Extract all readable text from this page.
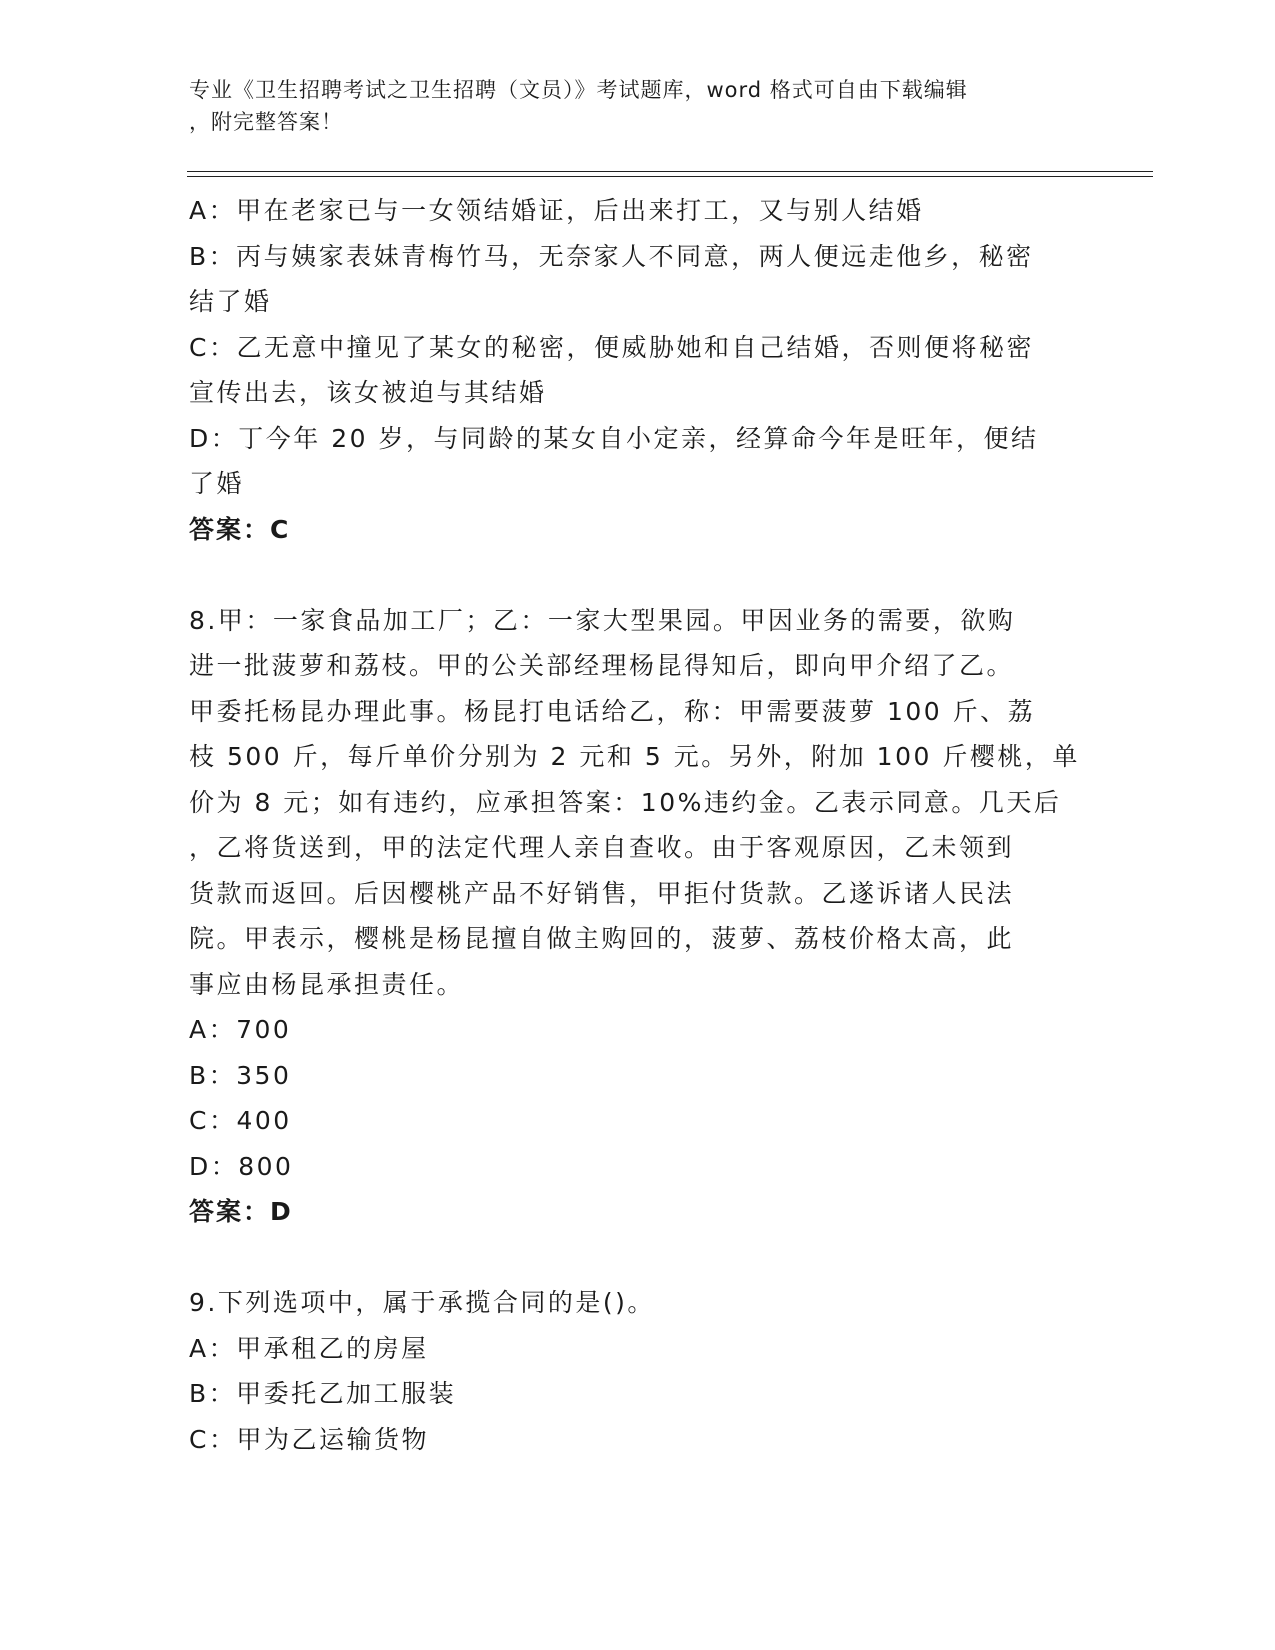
专业《卫生招聘考试之卫生招聘（文员）》考试题库，word 格式可自由下载编辑
，附完整答案！
A：甲在老家已与一女领结婚证，后出来打工，又与别人结婚
B：丙与姨家表妹青梅竹马，无奈家人不同意，两人便远走他乡，秘密
结了婚
C：乙无意中撞见了某女的秘密，便威胁她和自己结婚，否则便将秘密
宣传出去，该女被迫与其结婚
D：丁今年 20 岁，与同龄的某女自小定亲，经算命今年是旺年，便结
了婚
答案：C
8.甲：一家食品加工厂；乙：一家大型果园。甲因业务的需要，欲购
进一批菠萝和荔枝。甲的公关部经理杨昆得知后，即向甲介绍了乙。
甲委托杨昆办理此事。杨昆打电话给乙，称：甲需要菠萝 100 斤、荔
枝 500 斤，每斤单价分别为 2 元和 5 元。另外，附加 100 斤樱桃，单
价为 8 元；如有违约，应承担答案：10%违约金。乙表示同意。几天后
，乙将货送到，甲的法定代理人亲自查收。由于客观原因，乙未领到
货款而返回。后因樱桃产品不好销售，甲拒付货款。乙遂诉诸人民法
院。甲表示，樱桃是杨昆擅自做主购回的，菠萝、荔枝价格太高，此
事应由杨昆承担责任。
A：700
B：350
C：400
D：800
答案：D
9.下列选项中，属于承揽合同的是()。
A：甲承租乙的房屋
B：甲委托乙加工服装
C：甲为乙运输货物
